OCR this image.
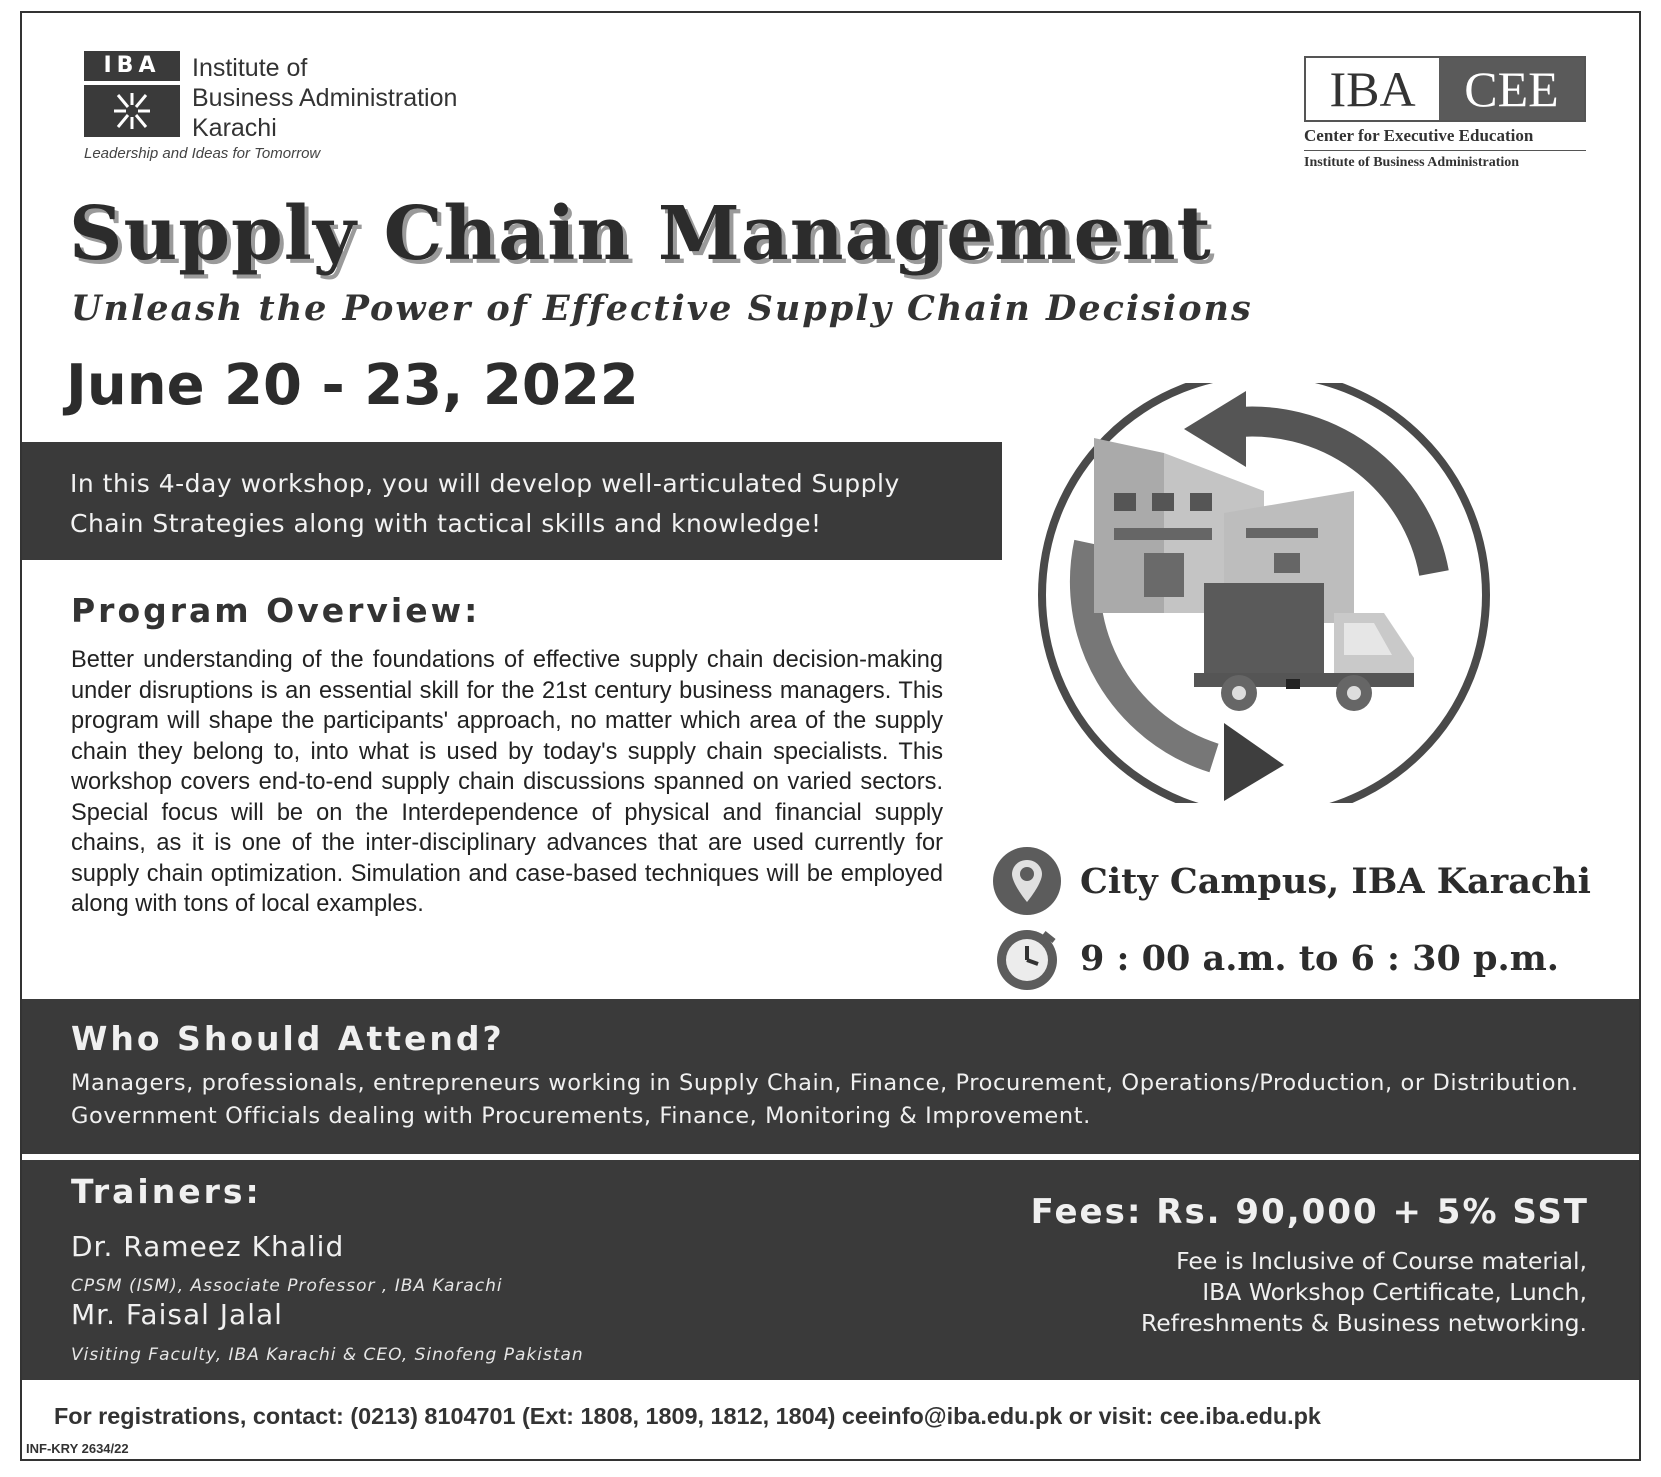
IBA	Institute of
Business Administration
Karachi
Leadership and Ideas for Tomorrow
IBA CEE
Center for Executive Education
Institute of Business Administration
Supply Chain Management
Unleash the Power of Effective Supply Chain Decisions
June 20 - 23, 2022
In this 4-day workshop, you will develop well-articulated Supply
Chain Strategies along with tactical skills and knowledge!
Program Overview:
Better understanding of the foundations of effective supply chain decision-making under disruptions is an essential skill for the 21st century business managers. This program will shape the participants' approach, no matter which area of the supply chain they belong to, into what is used by today's supply chain specialists. This workshop covers end-to-end supply chain discussions spanned on varied sectors. Special focus will be on the Interdependence of physical and financial supply chains, as it is one of the inter-disciplinary advances that are used currently for supply chain optimization. Simulation and case-based techniques will be employed along with tons of local examples.
City Campus, IBA Karachi
9 : 00 a.m. to 6 : 30 p.m.
Who Should Attend?
Managers, professionals, entrepreneurs working in Supply Chain, Finance, Procurement, Operations/Production, or Distribution. Government Officials dealing with Procurements, Finance, Monitoring & Improvement.
Trainers:
Dr. Rameez Khalid
CPSM (ISM), Associate Professor , IBA Karachi
Mr. Faisal Jalal
Visiting Faculty, IBA Karachi & CEO, Sinofeng Pakistan
Fees: Rs. 90,000 + 5% SST
Fee is Inclusive of Course material,
IBA Workshop Certificate, Lunch,
Refreshments & Business networking.
For registrations, contact: (0213) 8104701 (Ext: 1808, 1809, 1812, 1804) ceeinfo@iba.edu.pk or visit: cee.iba.edu.pk
INF-KRY 2634/22
